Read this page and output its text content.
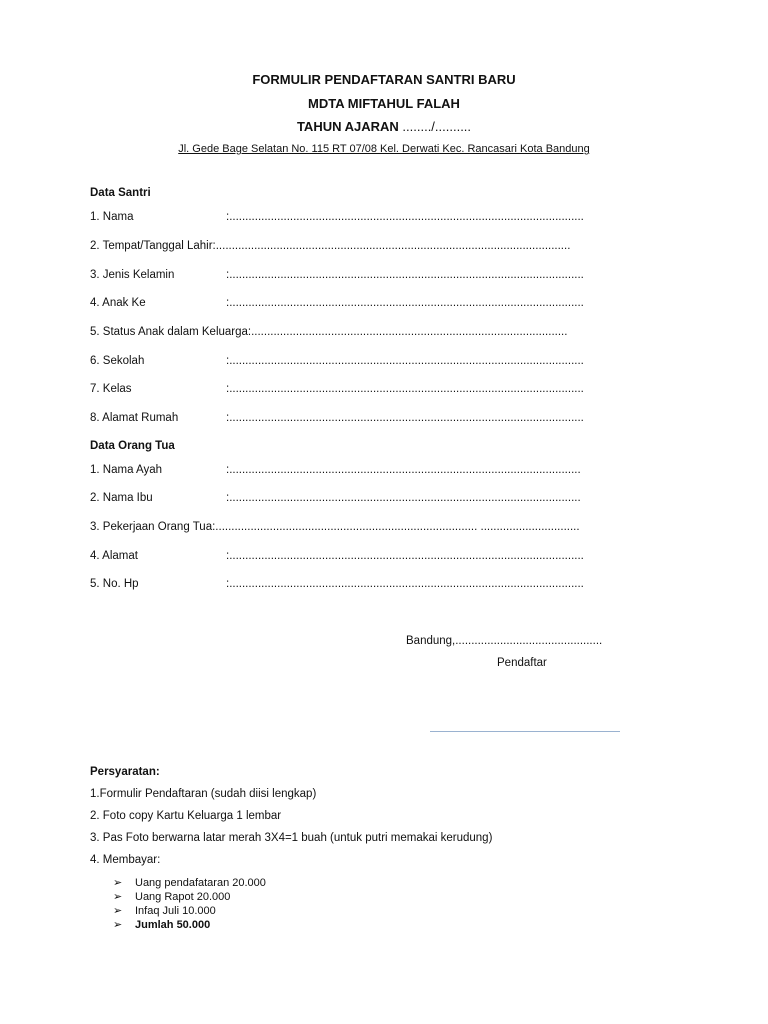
FORMULIR PENDAFTARAN SANTRI BARU
MDTA MIFTAHUL FALAH
TAHUN AJARAN ......../..........
Jl. Gede Bage Selatan No. 115 RT 07/08 Kel. Derwati Kec. Rancasari Kota Bandung
Data Santri
1. Nama	:...............................................................................................................
2. Tempat/Tanggal Lahir:...............................................................................................................
3. Jenis Kelamin	:...............................................................................................................
4. Anak Ke	:...............................................................................................................
5. Status Anak dalam Keluarga:...................................................................................................
6. Sekolah	:...............................................................................................................
7. Kelas	:...............................................................................................................
8. Alamat Rumah	:...............................................................................................................
Data Orang Tua
1. Nama Ayah	:..............................................................................................................
2. Nama Ibu	:..............................................................................................................
3. Pekerjaan Orang Tua:.................................................................................. ...............................
4. Alamat	:...............................................................................................................
5. No. Hp	:...............................................................................................................
Bandung,..............................................
Pendaftar
Persyaratan:
1.Formulir Pendaftaran (sudah diisi lengkap)
2. Foto copy Kartu Keluarga 1 lembar
3. Pas Foto berwarna latar merah 3X4=1 buah (untuk putri memakai kerudung)
4. Membayar:
➢ Uang pendafataran 20.000
➢ Uang Rapot 20.000
➢ Infaq Juli 10.000
➢ Jumlah 50.000
